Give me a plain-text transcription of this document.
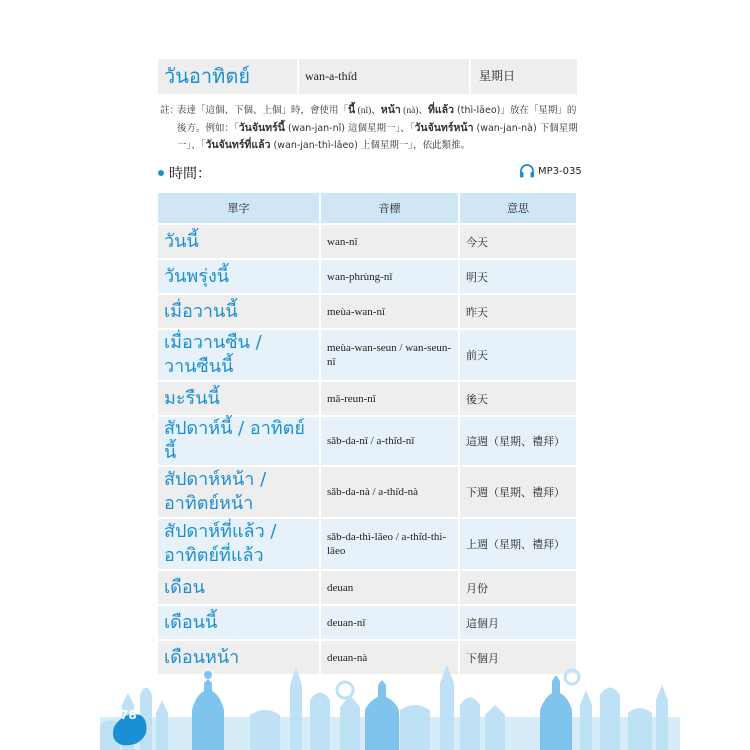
วันอาทิตย์	wan-a-thi̍d	星期日
註：
表達「這個、下個、上個」時，會使用「นี้ (nǐ)、หน้า (nà)、ที่แล้ว (thì-lāeo)」放在「星期」的後方。例如：「วันจันทร์นี้ (wan-jan-nǐ) 這個星期一」、「วันจันทร์หน้า (wan-jan-nà) 下個星期一」、「วันจันทร์ที่แล้ว (wan-jan-thì-lāeo) 上個星期一」，依此類推。
時間：	MP3-035
單字	音標	意思
วันนี้	wan-nǐ	今天
วันพรุ่งนี้	wan-phrùng-nǐ	明天
เมื่อวานนี้	meùa-wan-nǐ	昨天
เมื่อวานซืน / วานซืนนี้	meùa-wan-seun / wan-seun-nǐ	前天
มะรืนนี้	mā-reun-nǐ	後天
สัปดาห์นี้ / อาทิตย์นี้	sǎb-da-nǐ / a-thi̍d-nǐ	這週（星期、禮拜）
สัปดาห์หน้า / อาทิตย์หน้า	sǎb-da-nà / a-thi̍d-nà	下週（星期、禮拜）
สัปดาห์ที่แล้ว / อาทิตย์ที่แล้ว	sǎb-da-thì-lāeo / a-thi̍d-thì-lāeo	上週（星期、禮拜）
เดือน	deuan	月份
เดือนนี้	deuan-nǐ	這個月
เดือนหน้า	deuan-nà	下個月
78
